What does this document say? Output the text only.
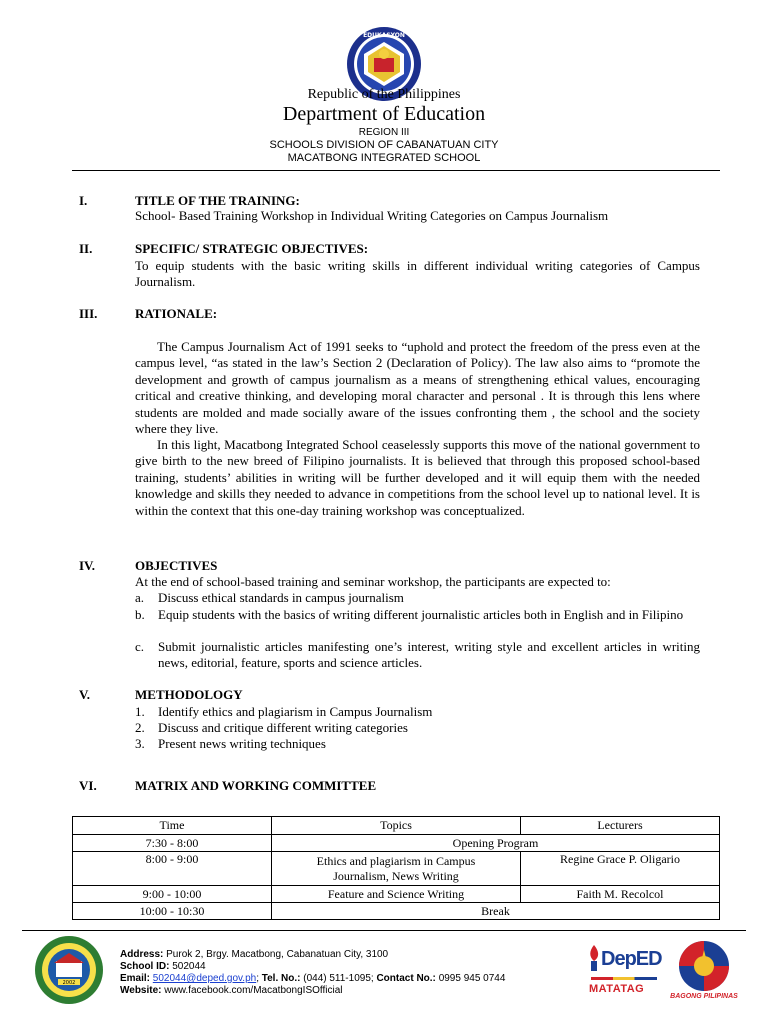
EDUKASYON
Republic of the Philippines
Department of Education
REGION III
SCHOOLS DIVISION OF CABANATUAN CITY
MACATBONG INTEGRATED SCHOOL
I.	TITLE OF THE TRAINING:
School- Based Training Workshop in Individual Writing Categories on Campus Journalism
II.	SPECIFIC/ STRATEGIC OBJECTIVES:
To equip students with the basic writing skills in different individual writing categories of Campus Journalism.
III.	RATIONALE:
The Campus Journalism Act of 1991 seeks to “uphold and protect the freedom of the press even at the campus level, “as stated in the law’s Section 2 (Declaration of Policy). The law also aims to “promote the development and growth of campus journalism as a means of strengthening ethical values, encouraging critical and creative thinking, and developing moral character and personal . It is through this lens where students are molded and made socially aware of the issues confronting them , the school and the society where they live.
In this light, Macatbong Integrated School ceaselessly supports this move of the national government to give birth to the new breed of Filipino journalists. It is believed that through this proposed school-based training, students’ abilities in writing will be further developed and it will equip them with the needed knowledge and skills they needed to advance in competitions from the school level up to national level. It is within the context that this one-day training workshop was conceptualized.
IV.	OBJECTIVES
At the end of school-based training and seminar workshop, the participants are expected to:
a. Discuss ethical standards in campus journalism
b. Equip students with the basics of writing different journalistic articles both in English and in Filipino
c. Submit journalistic articles manifesting one’s interest, writing style and excellent articles in writing news, editorial, feature, sports and science articles.
V.	METHODOLOGY
1. Identify ethics and plagiarism in Campus Journalism
2. Discuss and critique different writing categories
3. Present news writing techniques
VI.	MATRIX AND WORKING COMMITTEE
Time	Topics	Lecturers
7:30 - 8:00	Opening Program	
8:00 - 9:00	Ethics and plagiarism in Campus Journalism, News Writing	Regine Grace P. Oligario
9:00 - 10:00	Feature and Science Writing	Faith M. Recolcol
10:00 - 10:30	Break	
2002
Address: Purok 2, Brgy. Macatbong, Cabanatuan City, 3100
School ID: 502044
Email: 502044@deped.gov.ph; Tel. No.: (044) 511-1095; Contact No.: 0995 945 0744
Website: www.facebook.com/MacatbongISOfficial
DepED
MATATAG
BAGONG PILIPINAS
